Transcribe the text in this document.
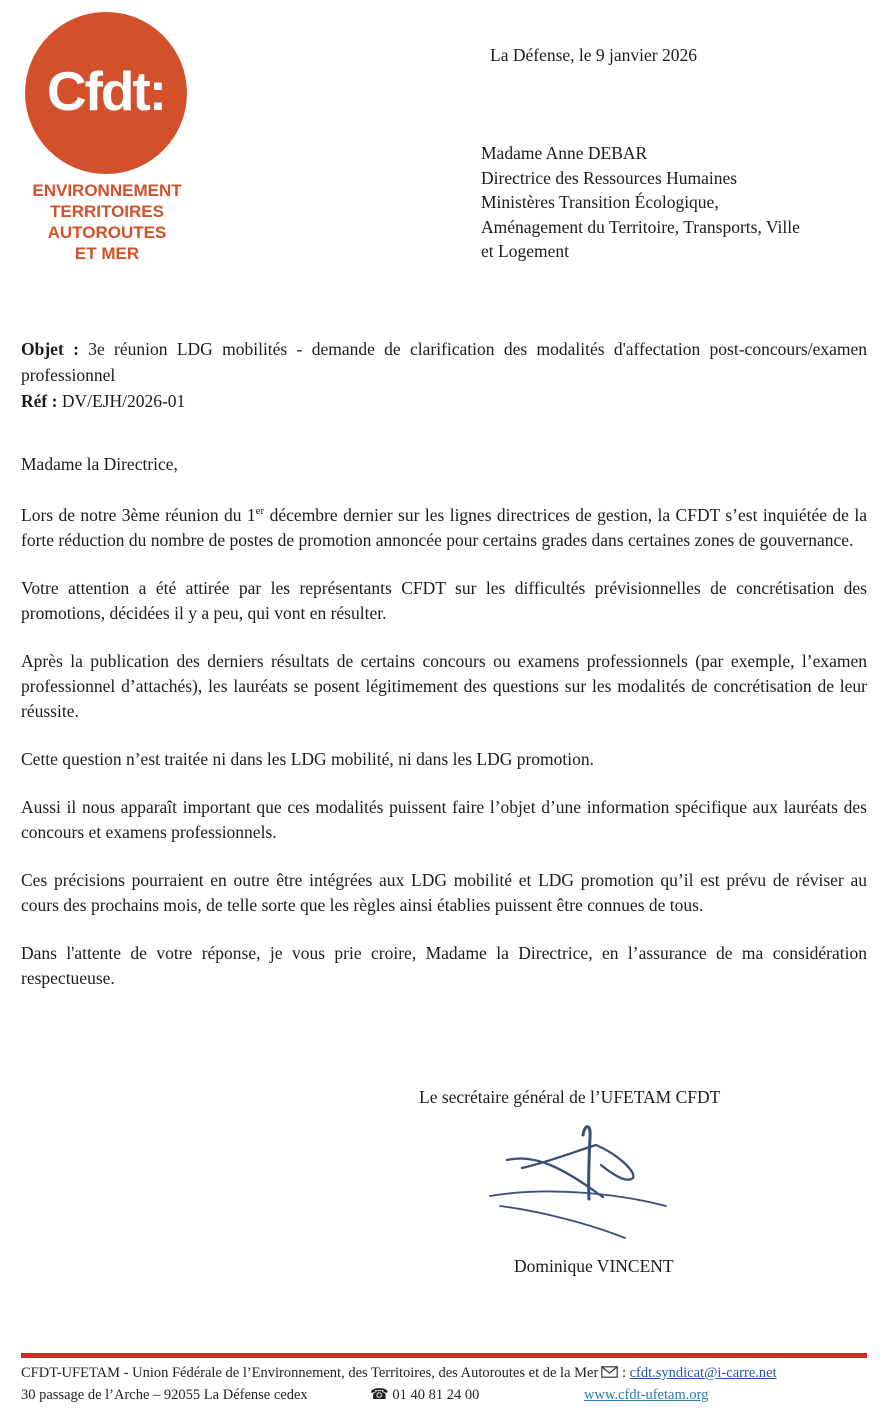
Cfdt:
ENVIRONNEMENT
TERRITOIRES
AUTOROUTES
ET MER
La Défense, le 9 janvier 2026
Madame Anne DEBAR
Directrice des Ressources Humaines
Ministères Transition Écologique,
Aménagement du Territoire, Transports, Ville
et Logement

Objet : 3e réunion LDG mobilités - demande de clarification des modalités d'affectation post-concours/examen professionnel

Réf : DV/EJH/2026-01

Madame la Directrice,

Lors de notre 3ème réunion du 1er décembre dernier sur les lignes directrices de gestion, la CFDT s’est inquiétée de la forte réduction du nombre de postes de promotion annoncée pour certains grades dans certaines zones de gouvernance.

Votre attention a été attirée par les représentants CFDT sur les difficultés prévisionnelles de concrétisation des promotions, décidées il y a peu, qui vont en résulter.

Après la publication des derniers résultats de certains concours ou examens professionnels (par exemple, l’examen professionnel d’attachés), les lauréats se posent légitimement des questions sur les modalités de concrétisation de leur réussite.

Cette question n’est traitée ni dans les LDG mobilité, ni dans les LDG promotion.

Aussi il nous apparaît important que ces modalités puissent faire l’objet d’une information spécifique aux lauréats des concours et examens professionnels.

Ces précisions pourraient en outre être intégrées aux LDG mobilité et LDG promotion qu’il est prévu de réviser au cours des prochains mois, de telle sorte que les règles ainsi établies puissent être connues de tous.

Dans l'attente de votre réponse, je vous prie croire, Madame la Directrice, en l’assurance de ma considération respectueuse.

Le secrétaire général de l’UFETAM CFDT
Dominique VINCENT
CFDT-UFETAM - Union Fédérale de l’Environnement, des Territoires, des Autoroutes et de la Mer : cfdt.syndicat@i-carre.net
30 passage de l’Arche – 92055 La Défense cedex	☎ 01 40 81 24 00	www.cfdt-ufetam.org
